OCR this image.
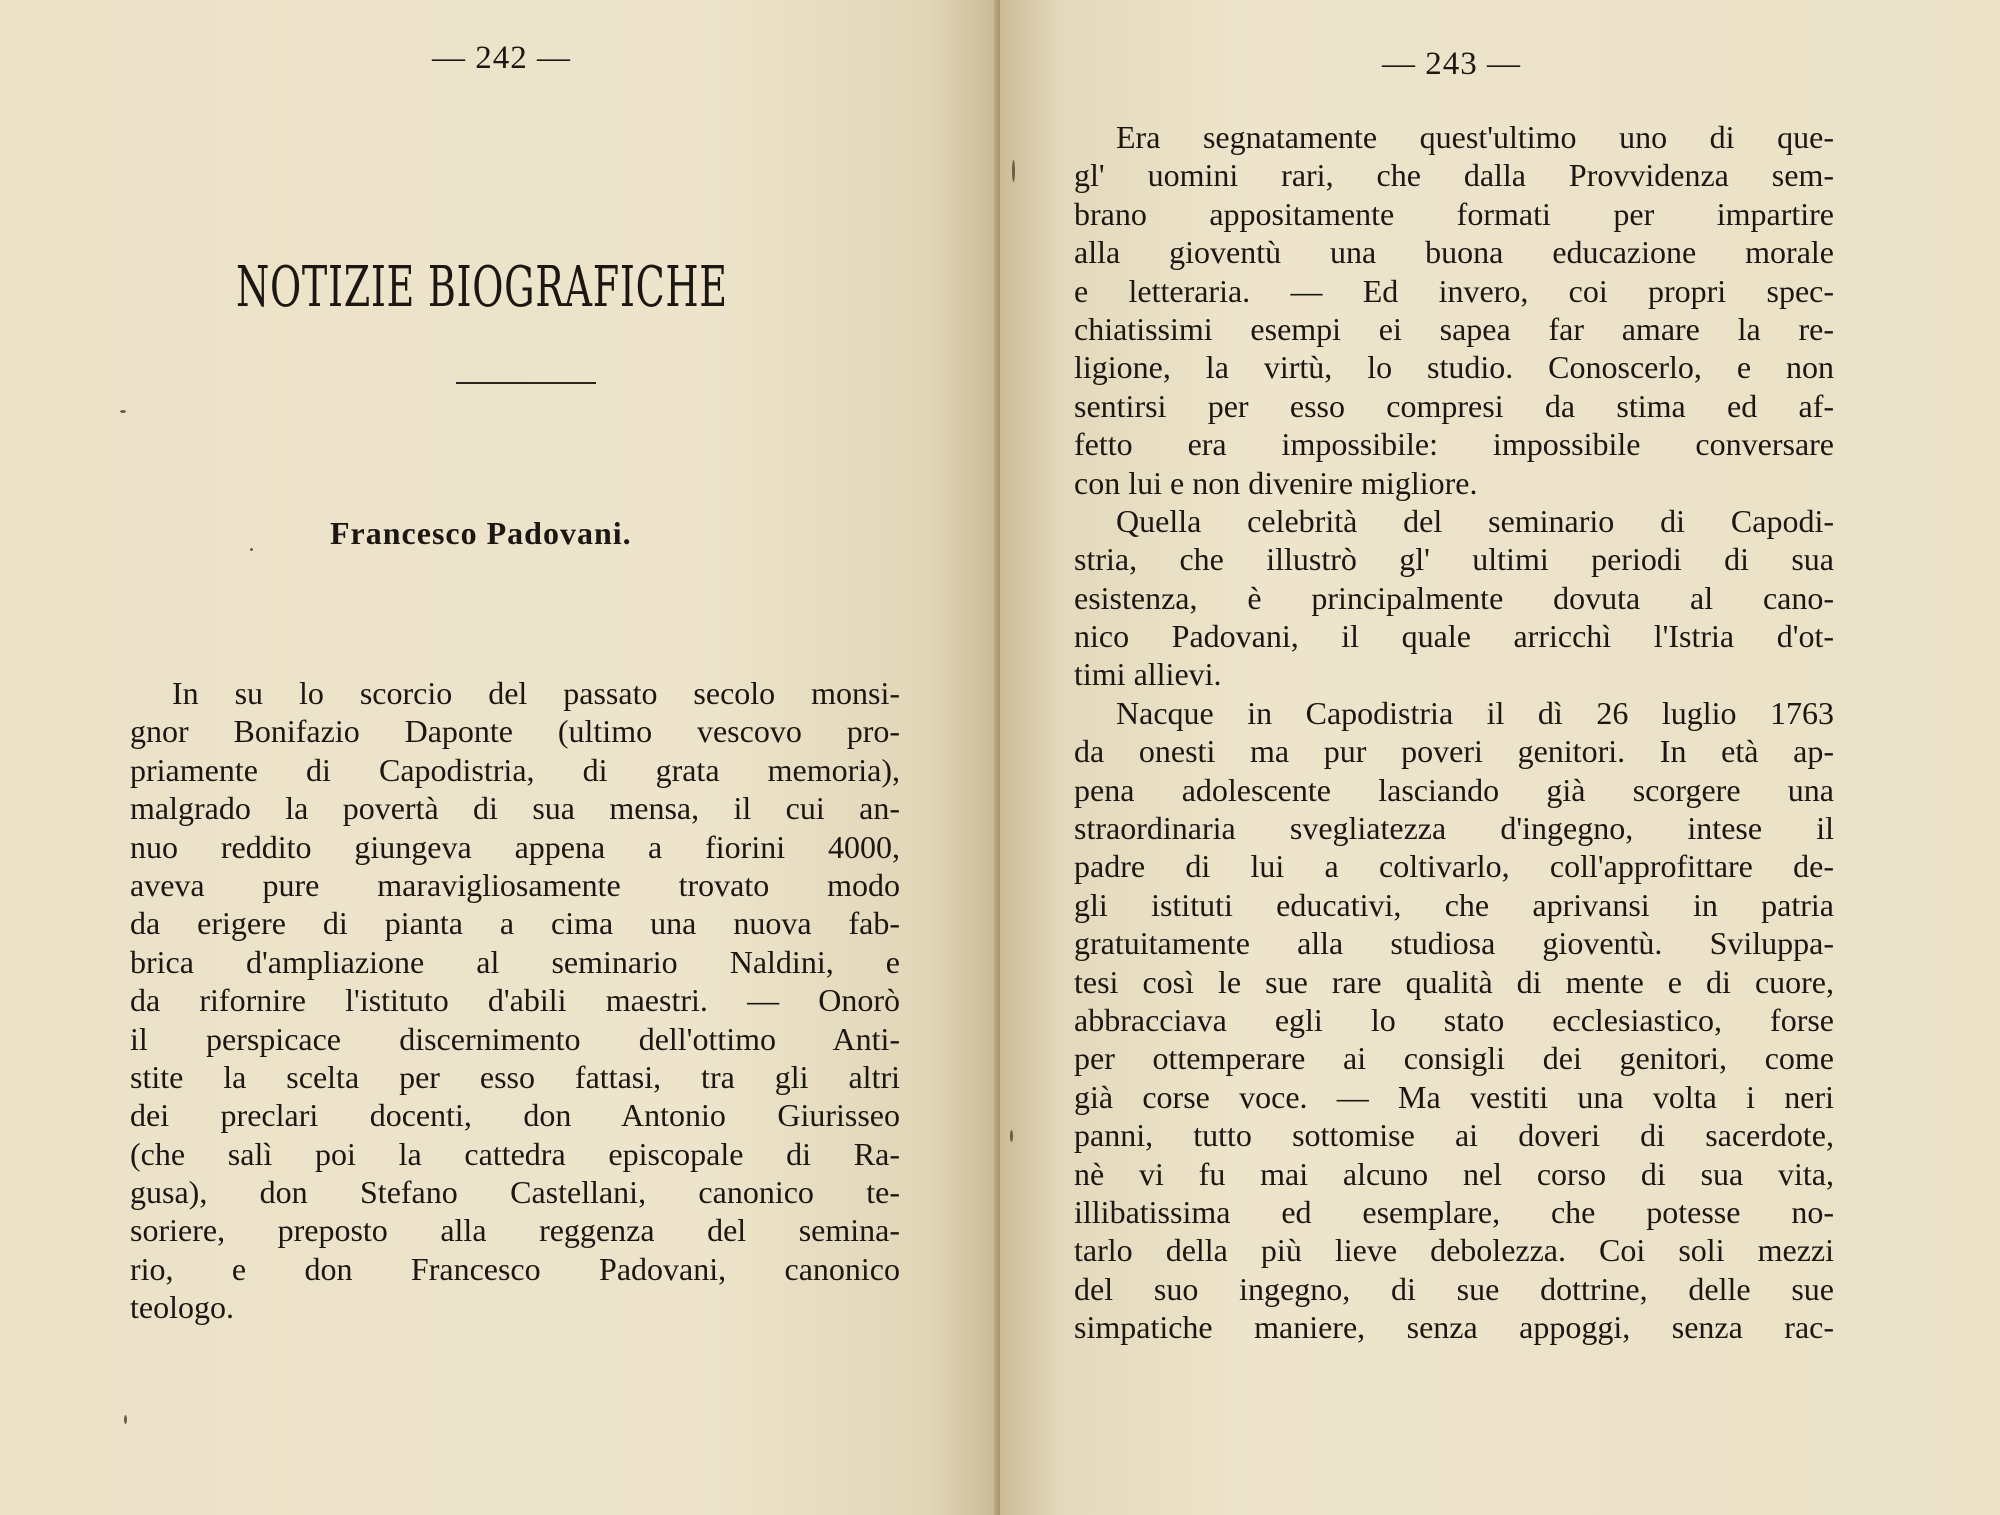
— 242 —
NOTIZIE BIOGRAFICHE
Francesco Padovani.
In su lo scorcio del passato secolo monsi-
gnor Bonifazio Daponte (ultimo vescovo pro-
priamente di Capodistria, di grata memoria),
malgrado la povertà di sua mensa, il cui an-
nuo reddito giungeva appena a fiorini 4000,
aveva pure maravigliosamente trovato modo
da erigere di pianta a cima una nuova fab-
brica d'ampliazione al seminario Naldini, e
da rifornire l'istituto d'abili maestri. — Onorò
il perspicace discernimento dell'ottimo Anti-
stite la scelta per esso fattasi, tra gli altri
dei preclari docenti, don Antonio Giurisseo
(che salì poi la cattedra episcopale di Ra-
gusa), don Stefano Castellani, canonico te-
soriere, preposto alla reggenza del semina-
rio, e don Francesco Padovani, canonico
teologo.
— 243 —
Era segnatamente quest'ultimo uno di que-
gl' uomini rari, che dalla Provvidenza sem-
brano appositamente formati per impartire
alla gioventù una buona educazione morale
e letteraria. — Ed invero, coi propri spec-
chiatissimi esempi ei sapea far amare la re-
ligione, la virtù, lo studio. Conoscerlo, e non
sentirsi per esso compresi da stima ed af-
fetto era impossibile: impossibile conversare
con lui e non divenire migliore.
Quella celebrità del seminario di Capodi-
stria, che illustrò gl' ultimi periodi di sua
esistenza, è principalmente dovuta al cano-
nico Padovani, il quale arricchì l'Istria d'ot-
timi allievi.
Nacque in Capodistria il dì 26 luglio 1763
da onesti ma pur poveri genitori. In età ap-
pena adolescente lasciando già scorgere una
straordinaria svegliatezza d'ingegno, intese il
padre di lui a coltivarlo, coll'approfittare de-
gli istituti educativi, che aprivansi in patria
gratuitamente alla studiosa gioventù. Sviluppa-
tesi così le sue rare qualità di mente e di cuore,
abbracciava egli lo stato ecclesiastico, forse
per ottemperare ai consigli dei genitori, come
già corse voce. — Ma vestiti una volta i neri
panni, tutto sottomise ai doveri di sacerdote,
nè vi fu mai alcuno nel corso di sua vita,
illibatissima ed esemplare, che potesse no-
tarlo della più lieve debolezza. Coi soli mezzi
del suo ingegno, di sue dottrine, delle sue
simpatiche maniere, senza appoggi, senza rac-
